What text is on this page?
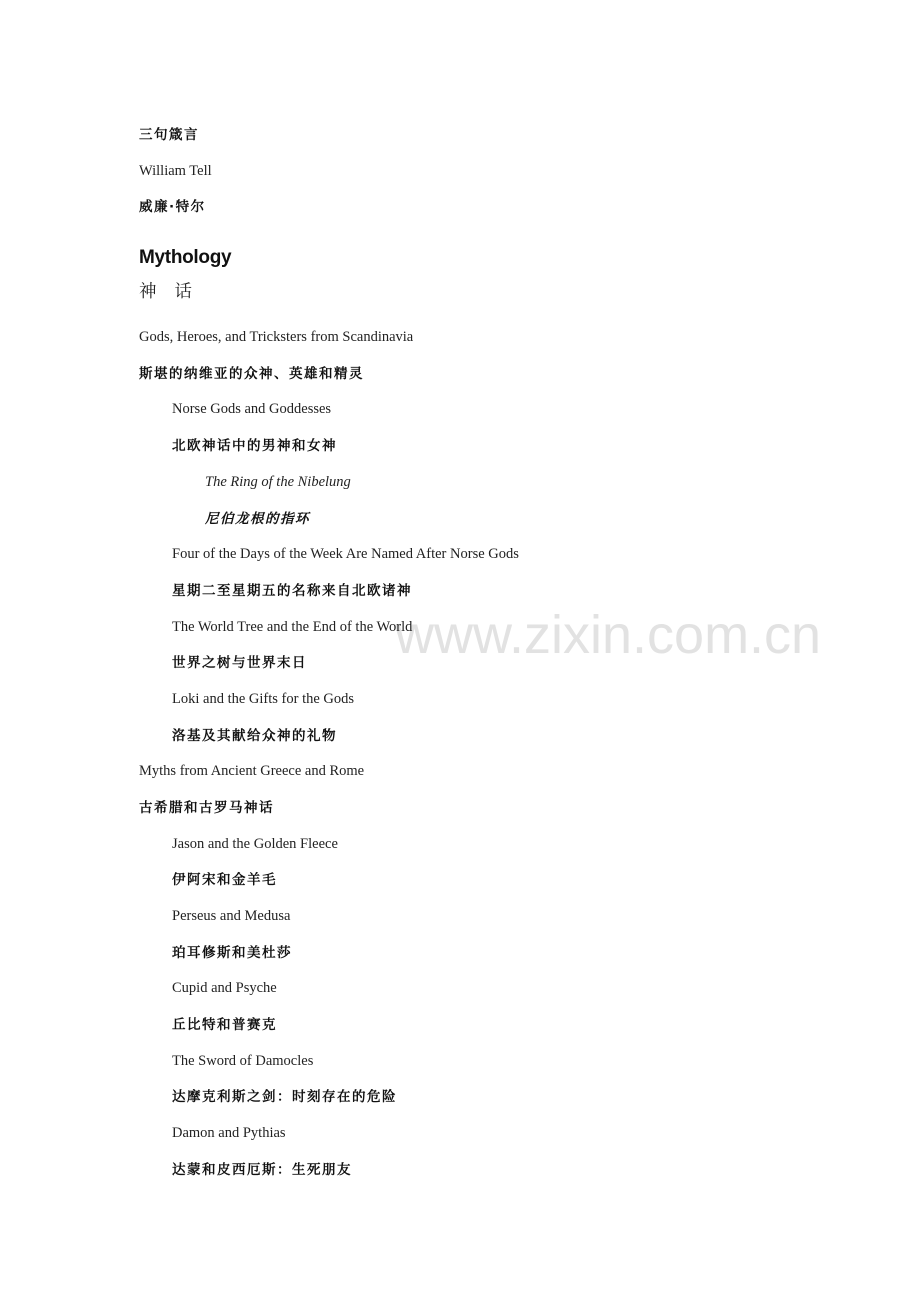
www.zixin.com.cn
三句箴言
William Tell
威廉·特尔
Mythology
神话
Gods, Heroes, and Tricksters from Scandinavia
斯堪的纳维亚的众神、英雄和精灵
Norse Gods and Goddesses
北欧神话中的男神和女神
The Ring of the Nibelung
尼伯龙根的指环
Four of the Days of the Week Are Named After Norse Gods
星期二至星期五的名称来自北欧诸神
The World Tree and the End of the World
世界之树与世界末日
Loki and the Gifts for the Gods
洛基及其献给众神的礼物
Myths from Ancient Greece and Rome
古希腊和古罗马神话
Jason and the Golden Fleece
伊阿宋和金羊毛
Perseus and Medusa
珀耳修斯和美杜莎
Cupid and Psyche
丘比特和普赛克
The Sword of Damocles
达摩克利斯之剑：时刻存在的危险
Damon and Pythias
达蒙和皮西厄斯：生死朋友
